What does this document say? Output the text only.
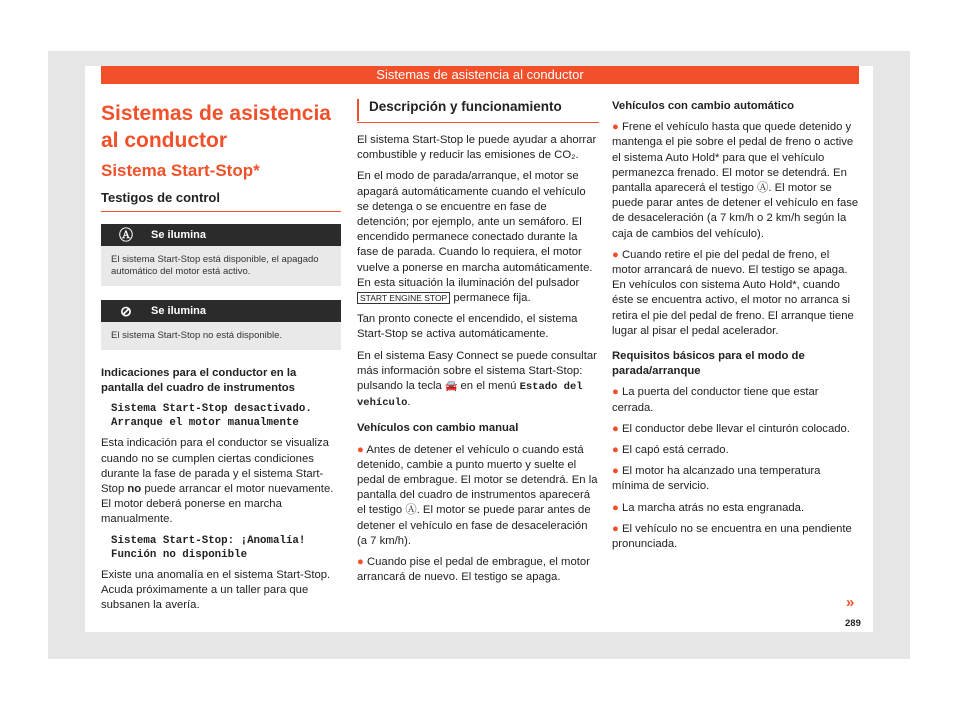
Sistemas de asistencia al conductor
Sistemas de asistencia al conductor
Sistema Start-Stop*
Testigos de control
Ⓐ	Se ilumina
El sistema Start-Stop está disponible, el apagado automático del motor está activo.
⊘	Se ilumina
El sistema Start-Stop no está disponible.
Indicaciones para el conductor en la pantalla del cuadro de instrumentos
Sistema Start-Stop desactivado. Arranque el motor manualmente

Esta indicación para el conductor se visualiza cuando no se cumplen ciertas condiciones durante la fase de parada y el sistema Start-Stop no puede arrancar el motor nuevamente. El motor deberá ponerse en marcha manualmente.

Sistema Start-Stop: ¡Anomalía! Función no disponible

Existe una anomalía en el sistema Start-Stop. Acuda próximamente a un taller para que subsanen la avería.

Descripción y funcionamiento

El sistema Start-Stop le puede ayudar a ahorrar combustible y reducir las emisiones de CO₂.

En el modo de parada/arranque, el motor se apagará automáticamente cuando el vehículo se detenga o se encuentre en fase de detención; por ejemplo, ante un semáforo. El encendido permanece conectado durante la fase de parada. Cuando lo requiera, el motor vuelve a ponerse en marcha automáticamente. En esta situación la iluminación del pulsador START ENGINE STOP permanece fija.

Tan pronto conecte el encendido, el sistema Start-Stop se activa automáticamente.

En el sistema Easy Connect se puede consultar más información sobre el sistema Start-Stop: pulsando la tecla 🚘 en el menú Estado del vehículo.

Vehículos con cambio manual

● Antes de detener el vehículo o cuando está detenido, cambie a punto muerto y suelte el pedal de embrague. El motor se detendrá. En la pantalla del cuadro de instrumentos aparecerá el testigo Ⓐ. El motor se puede parar antes de detener el vehículo en fase de desaceleración (a 7 km/h).

● Cuando pise el pedal de embrague, el motor arrancará de nuevo. El testigo se apaga.

Vehículos con cambio automático

● Frene el vehículo hasta que quede detenido y mantenga el pie sobre el pedal de freno o active el sistema Auto Hold* para que el vehículo permanezca frenado. El motor se detendrá. En pantalla aparecerá el testigo Ⓐ. El motor se puede parar antes de detener el vehículo en fase de desaceleración (a 7 km/h o 2 km/h según la caja de cambios del vehículo).

● Cuando retire el pie del pedal de freno, el motor arrancará de nuevo. El testigo se apaga. En vehículos con sistema Auto Hold*, cuando éste se encuentra activo, el motor no arranca si retira el pie del pedal de freno. El arranque tiene lugar al pisar el pedal acelerador.

Requisitos básicos para el modo de parada/arranque

● La puerta del conductor tiene que estar cerrada.

● El conductor debe llevar el cinturón colocado.

● El capó está cerrado.

● El motor ha alcanzado una temperatura mínima de servicio.

● La marcha atrás no esta engranada.

● El vehículo no se encuentra en una pendiente pronunciada.

»
289
